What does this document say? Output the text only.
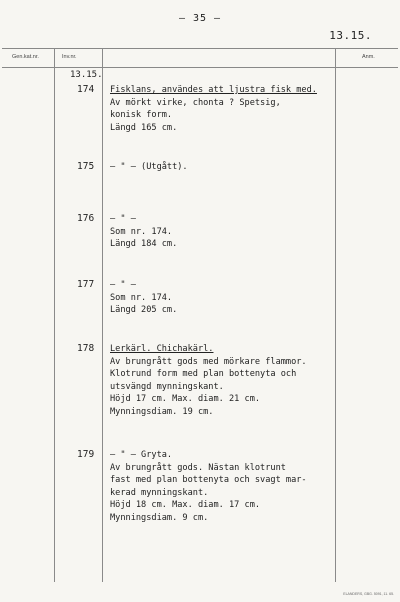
– 35 –
13.15.
Gen.kat.nr.	Inv.nr.	Anm.
13.15.
174 Fisklans, användes att ljustra fisk med.
Av mörkt virke, chonta ? Spetsig,
konisk form.
Längd 165 cm.
175 – " – (Utgått).
176 – " –
Som nr. 174.
Längd 184 cm.
177 – " –
Som nr. 174.
Längd 205 cm.
178 Lerkärl. Chichakärl.
Av brungrått gods med mörkare flammor.
Klotrund form med plan bottenyta och
utsvängd mynningskant.
Höjd 17 cm. Max. diam. 21 cm.
Mynningsdiam. 19 cm.
179 – " – Gryta.
Av brungrått gods. Nästan klotrunt
fast med plan bottenyta och svagt mar-
kerad mynningskant.
Höjd 18 cm. Max. diam. 17 cm.
Mynningsdiam. 9 cm.
ELANDERS, GBG. 5091, 11. 65.
